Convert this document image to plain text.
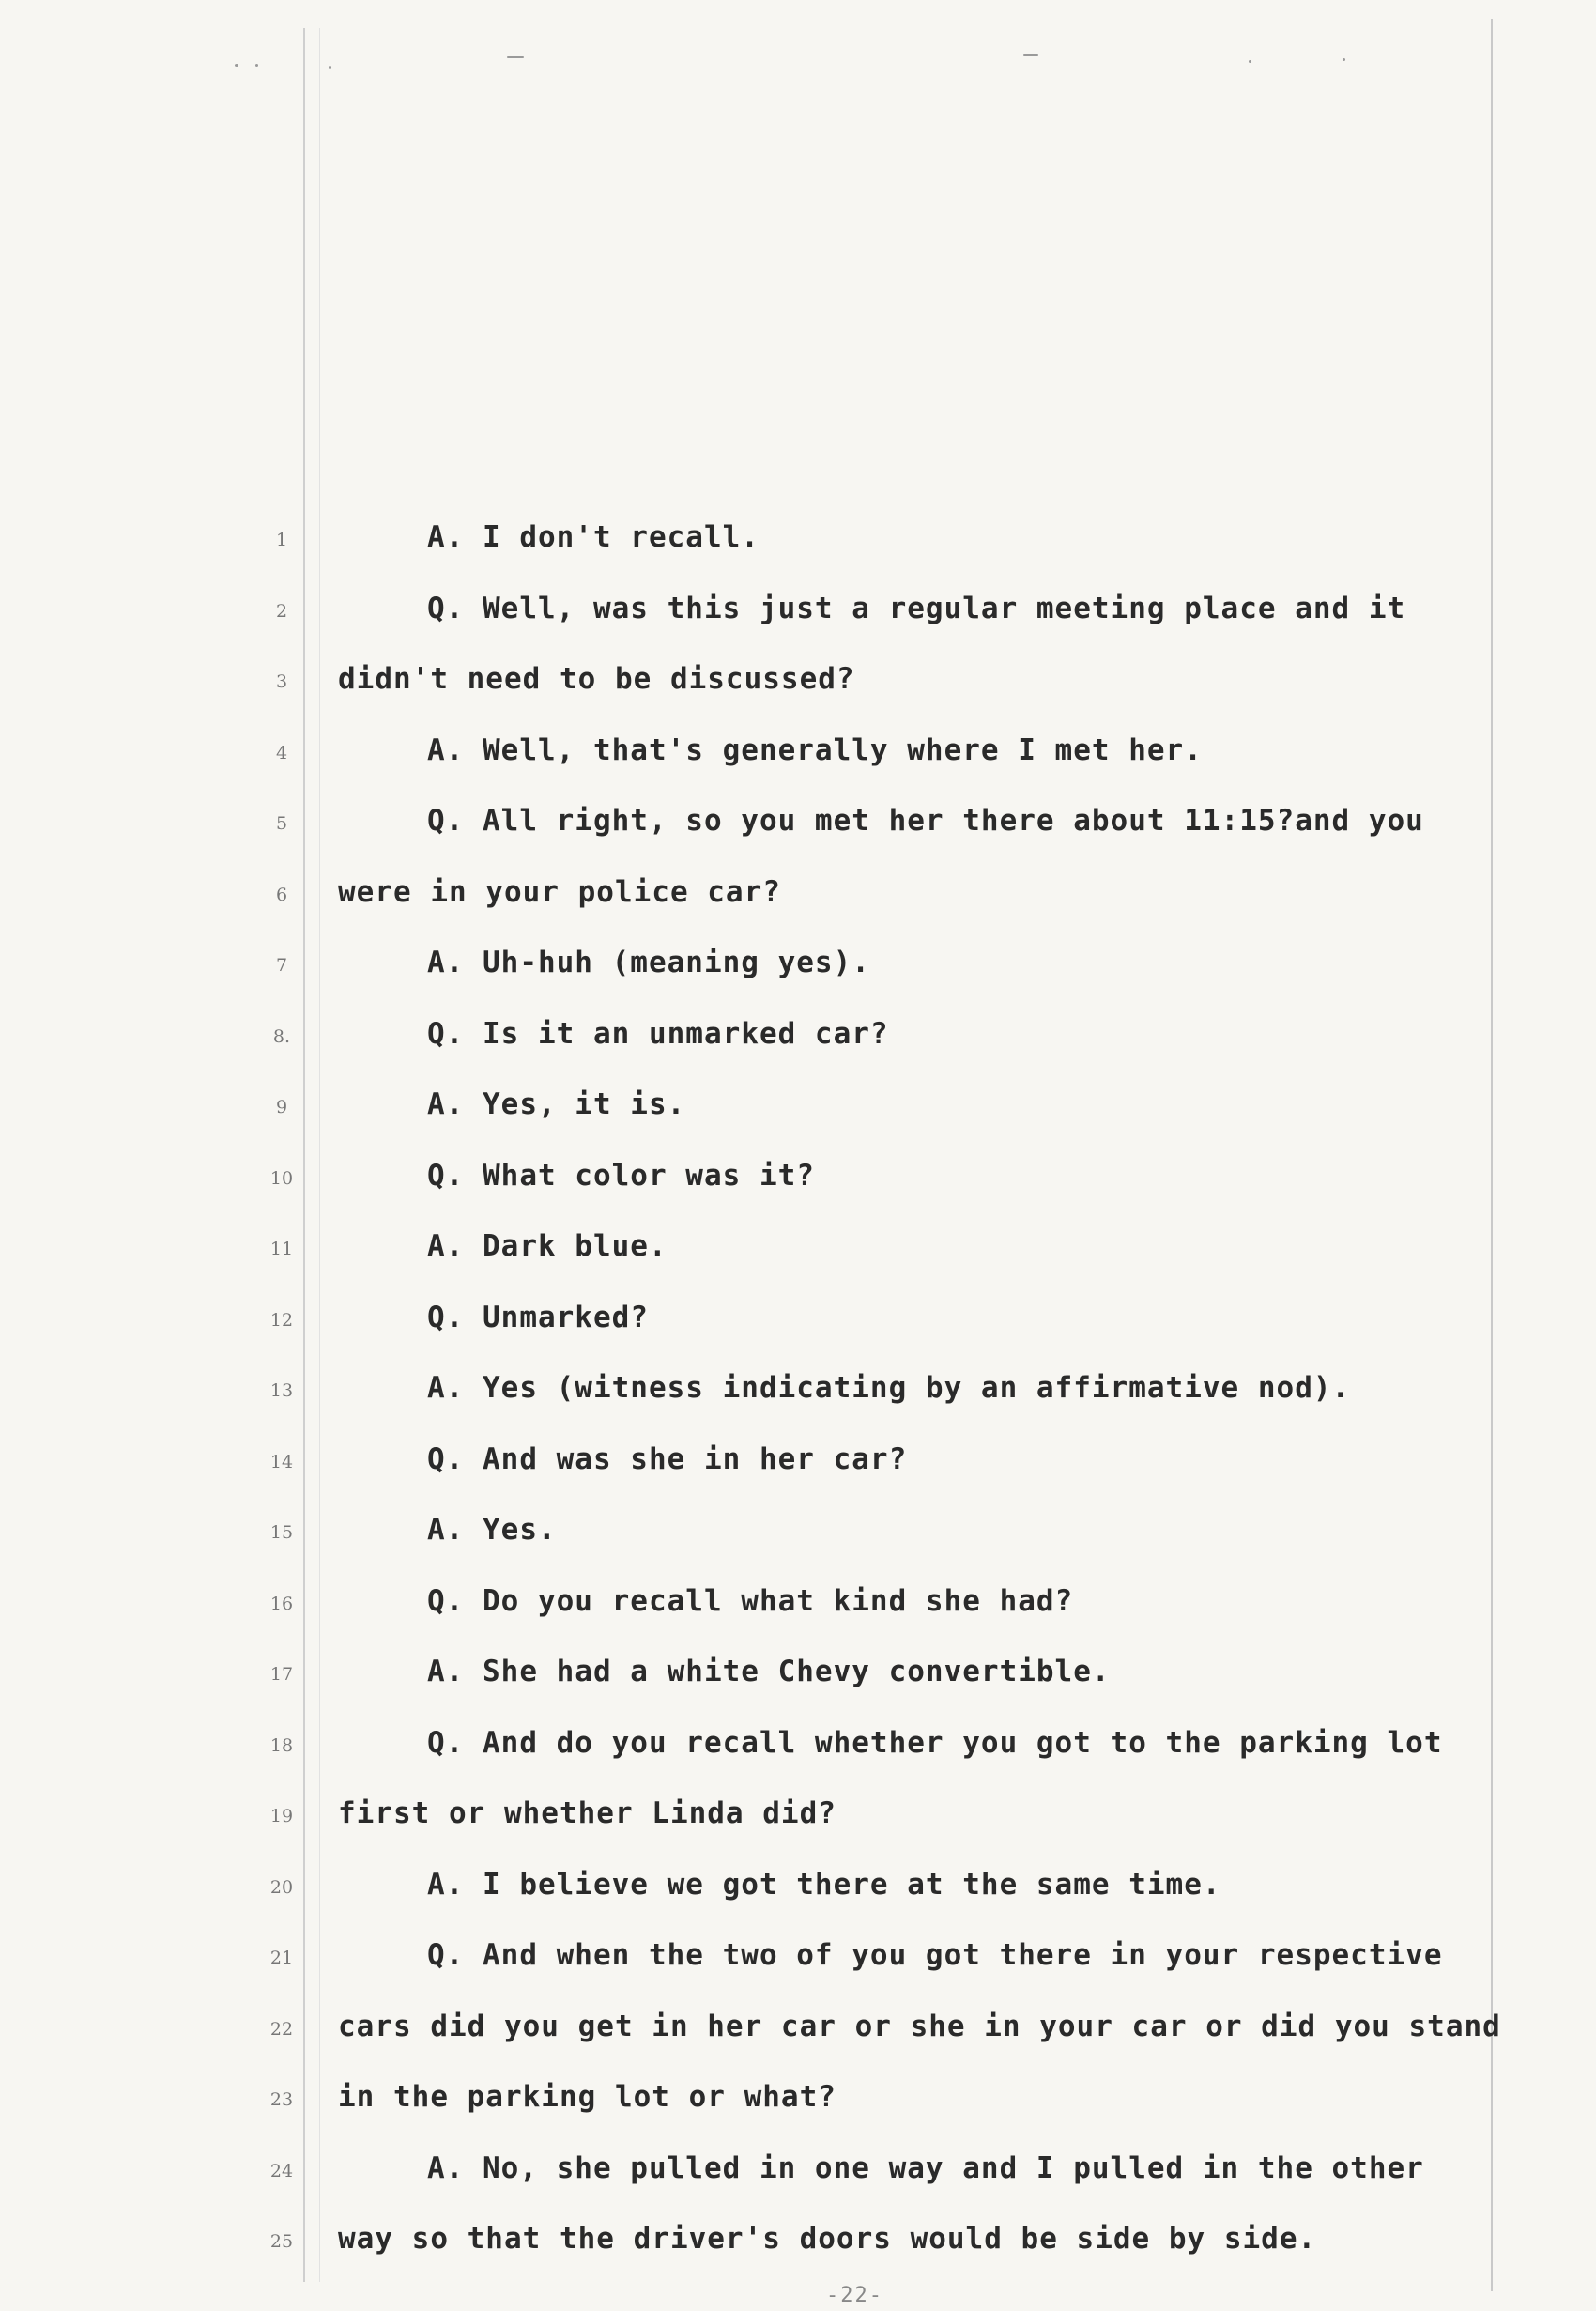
1	A. I don't recall.
2	Q. Well, was this just a regular meeting place and it
3	didn't need to be discussed?
4	A. Well, that's generally where I met her.
5	Q. All right, so you met her there about 11:15?and you
6	were in your police car?
7	A. Uh-huh (meaning yes).
8.	Q. Is it an unmarked car?
9	A. Yes, it is.
10	Q. What color was it?
11	A. Dark blue.
12	Q. Unmarked?
13	A. Yes (witness indicating by an affirmative nod).
14	Q. And was she in her car?
15	A. Yes.
16	Q. Do you recall what kind she had?
17	A. She had a white Chevy convertible.
18	Q. And do you recall whether you got to the parking lot
19 first or whether Linda did?
20	A. I believe we got there at the same time.
21	Q. And when the two of you got there in your respective
22 cars did you get in her car or she in your car or did you stand
23 in the parking lot or what?
24	A. No, she pulled in one way and I pulled in the other
25 way so that the driver's doors would be side by side.
-22-
